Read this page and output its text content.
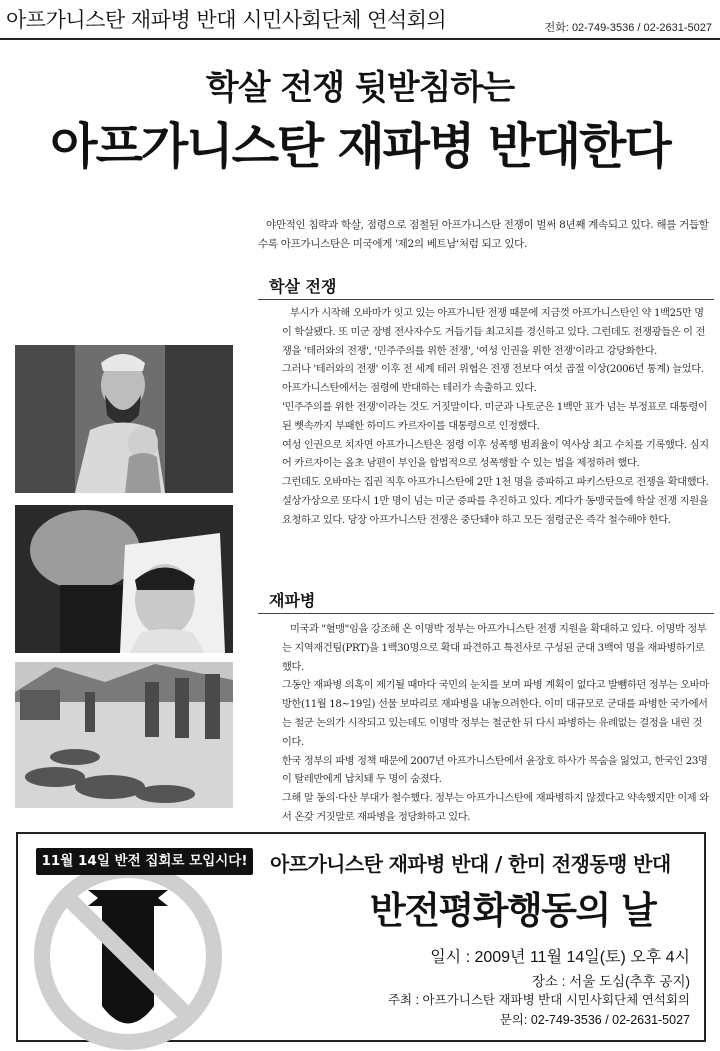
아프가니스탄 재파병 반대 시민사회단체 연석회의	전화: 02-749-3536 / 02-2631-5027
학살 전쟁 뒷받침하는
아프가니스탄 재파병 반대한다
야만적인 침략과 학살, 점령으로 점철된 아프가니스탄 전쟁이 벌써 8년째 계속되고 있다. 해를 거듭할수록 아프가니스탄은 미국에게 '제2의 베트남'처럼 되고 있다.
학살 전쟁

부시가 시작해 오바마가 잇고 있는 아프가니탄 전쟁 때문에 지금껏 아프가니스탄인 약 1백25만 명이 학살됐다. 또 미군 장병 전사자수도 거듭기듭 최고치를 경신하고 있다. 그런데도 전쟁광들은 이 전쟁을 '테러와의 전쟁', '민주주의를 위한 전쟁', '여성 인권을 위한 전쟁'이라고 강당화한다.

그러나 '테러와의 전쟁' 이후 전 세계 테러 위협은 전쟁 전보다 여섯 곱절 이상(2006년 통계) 늘었다. 아프가니스탄에서는 점령에 반대하는 테러가 속출하고 있다.

'민주주의를 위한 전쟁'이라는 것도 거짓말이다. 미군과 나토군은 1백만 표가 넘는 부정표로 대통령이 된 뼛속까지 부패한 하미드 카르자이를 대통령으로 인정했다.

여성 인권으로 치자면 아프가니스탄은 점령 이후 성폭행 범죄율이 역사상 최고 수치를 기록했다. 심지어 카르자이는 올초 남편이 부인을 합법적으로 성폭행할 수 있는 법을 제정하려 했다.

그런데도 오바마는 집권 직후 아프가니스탄에 2만 1천 명을 증파하고 파키스탄으로 전쟁을 확대했다. 설상가상으로 또다시 1만 명이 넘는 미군 증파를 추진하고 있다. 게다가 동맹국들에 학살 전쟁 지원을 요청하고 있다. 당장 아프가니스탄 전쟁은 중단돼야 하고 모든 점령군은 즉각 철수해야 한다.

재파병

미국과 "혈맹"임을 강조해 온 이명박 정부는 아프가니스탄 전쟁 지원을 확대하고 있다. 이명박 정부는 지역재건팀(PRT)을 1백30명으로 확대 파견하고 특전사로 구성된 군대 3백여 명을 재파병하기로 했다.

그동안 재파병 의혹이 제기될 때마다 국민의 눈치를 보며 파병 계획이 없다고 발뺌하던 정부는 오바마 방한(11월 18~19일) 선물 보따리로 재파병을 내놓으려한다. 이미 대규모로 군대를 파병한 국가에서는 철군 논의가 시작되고 있는데도 이명박 정부는 철군한 뒤 다시 파병하는 유례없는 결정을 내린 것이다.

한국 정부의 파병 정책 때문에 2007년 아프가니스탄에서 윤장호 하사가 목숨을 잃었고, 한국인 23명이 탈레반에게 납치돼 두 명이 숨졌다.

그해 말 동의·다산 부대가 철수했다. 정부는 아프가니스탄에 재파병하지 않겠다고 약속했지만 이제 와서 온갖 거짓말로 재파병을 정당화하고 있다.

11월 14일 반전 집회로 모입시다! 아프가니스탄 재파병 반대 / 한미 전쟁동맹 반대
반전평화행동의 날
일시 : 2009년 11월 14일(토) 오후 4시
장소 : 서울 도심(추후 공지)
주최 : 아프가니스탄 재파병 반대 시민사회단체 연석회의
문의: 02-749-3536 / 02-2631-5027
